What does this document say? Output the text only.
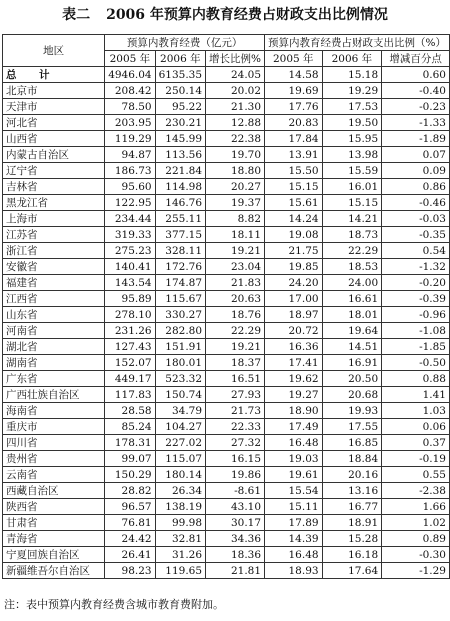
表二 2006 年预算内教育经费占财政支出比例情况
地区	预算内教育经费（亿元）			预算内教育经费占财政支出比例（%）		
	2005 年	2006 年	增长比例%	2005 年	2006 年	增减百分点
总　计	4946.04	6135.35	24.05	14.58	15.18	0.60
北京市	208.42	250.14	20.02	19.69	19.29	-0.40
天津市	78.50	95.22	21.30	17.76	17.53	-0.23
河北省	203.95	230.21	12.88	20.83	19.50	-1.33
山西省	119.29	145.99	22.38	17.84	15.95	-1.89
内蒙古自治区	94.87	113.56	19.70	13.91	13.98	0.07
辽宁省	186.73	221.84	18.80	15.50	15.59	0.09
吉林省	95.60	114.98	20.27	15.15	16.01	0.86
黑龙江省	122.95	146.76	19.37	15.61	15.15	-0.46
上海市	234.44	255.11	8.82	14.24	14.21	-0.03
江苏省	319.33	377.15	18.11	19.08	18.73	-0.35
浙江省	275.23	328.11	19.21	21.75	22.29	0.54
安徽省	140.41	172.76	23.04	19.85	18.53	-1.32
福建省	143.54	174.87	21.83	24.20	24.00	-0.20
江西省	95.89	115.67	20.63	17.00	16.61	-0.39
山东省	278.10	330.27	18.76	18.97	18.01	-0.96
河南省	231.26	282.80	22.29	20.72	19.64	-1.08
湖北省	127.43	151.91	19.21	16.36	14.51	-1.85
湖南省	152.07	180.01	18.37	17.41	16.91	-0.50
广东省	449.17	523.32	16.51	19.62	20.50	0.88
广西壮族自治区	117.83	150.74	27.93	19.27	20.68	1.41
海南省	28.58	34.79	21.73	18.90	19.93	1.03
重庆市	85.24	104.27	22.33	17.49	17.55	0.06
四川省	178.31	227.02	27.32	16.48	16.85	0.37
贵州省	99.07	115.07	16.15	19.03	18.84	-0.19
云南省	150.29	180.14	19.86	19.61	20.16	0.55
西藏自治区	28.82	26.34	-8.61	15.54	13.16	-2.38
陕西省	96.57	138.19	43.10	15.11	16.77	1.66
甘肃省	76.81	99.98	30.17	17.89	18.91	1.02
青海省	24.42	32.81	34.36	14.39	15.28	0.89
宁夏回族自治区	26.41	31.26	18.36	16.48	16.18	-0.30
新疆维吾尔自治区	98.23	119.65	21.81	18.93	17.64	-1.29
注：表中预算内教育经费含城市教育费附加。
